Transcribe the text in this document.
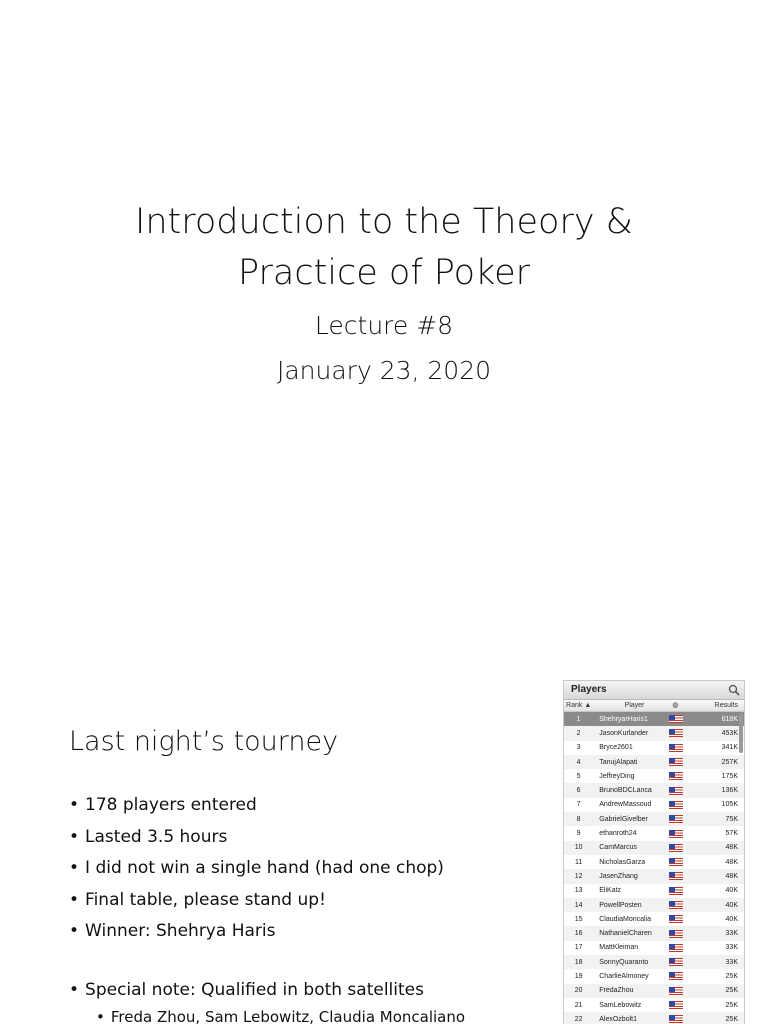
Introduction to the Theory &
Practice of Poker
Lecture #8
January 23, 2020
Last night’s tourney
• 178 players entered
• Lasted 3.5 hours
• I did not win a single hand (had one chop)
• Final table, please stand up!
• Winner: Shehrya Haris
• Special note: Qualified in both satellites
• Freda Zhou, Sam Lebowitz, Claudia Moncaliano
Players
Rank ▲	Player	◍	Results
1	ShehryarHaris1	618K
2	JasonKurlander	453K
3	Bryce2601	341K
4	TanujAlapati	257K
5	JeffreyDing	175K
6	BrunoBDCLanca	136K
7	AndrewMassoud	105K
8	GabrielGivelber	75K
9	ethanroth24	57K
10	CamMarcus	48K
11	NicholasGarza	48K
12	JasenZhang	48K
13	EliKatz	40K
14	PowellPosten	40K
15	ClaudiaMoncalia	40K
16	NathanielCharen	33K
17	MattKleiman	33K
18	SonnyQuaranto	33K
19	CharlieAlmoney	25K
20	FredaZhou	25K
21	SamLebowitz	25K
22	AlexOzbolt1	25K
